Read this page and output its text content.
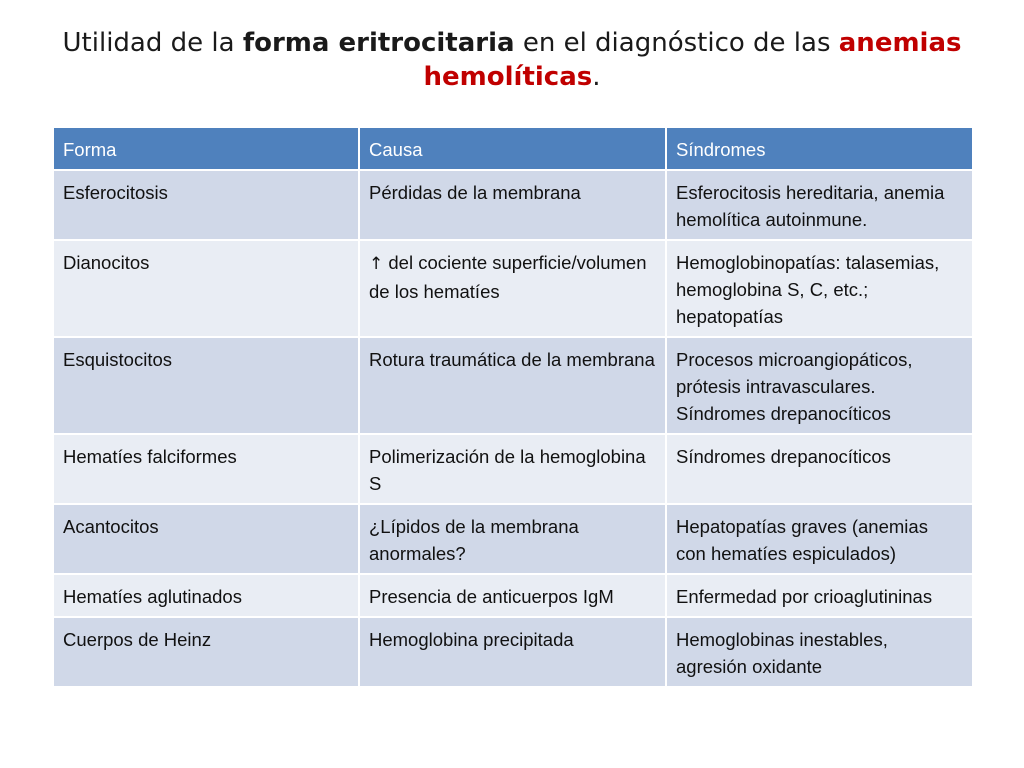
Utilidad de la forma eritrocitaria en el diagnóstico de las anemias
hemolíticas.
Forma	Causa	Síndromes
Esferocitosis	Pérdidas de la membrana	Esferocitosis hereditaria, anemia hemolítica autoinmune.
Dianocitos	↑ del cociente superficie/volumen de los hematíes	Hemoglobinopatías: talasemias, hemoglobina S, C, etc.; hepatopatías
Esquistocitos	Rotura traumática de la membrana	Procesos microangiopáticos, prótesis intravasculares. Síndromes drepanocíticos
Hematíes falciformes	Polimerización de la hemoglobina S	Síndromes drepanocíticos
Acantocitos	¿Lípidos de la membrana anormales?	Hepatopatías graves (anemias con hematíes espiculados)
Hematíes aglutinados	Presencia de anticuerpos IgM	Enfermedad por crioaglutininas
Cuerpos de Heinz	Hemoglobina precipitada	Hemoglobinas inestables, agresión oxidante
